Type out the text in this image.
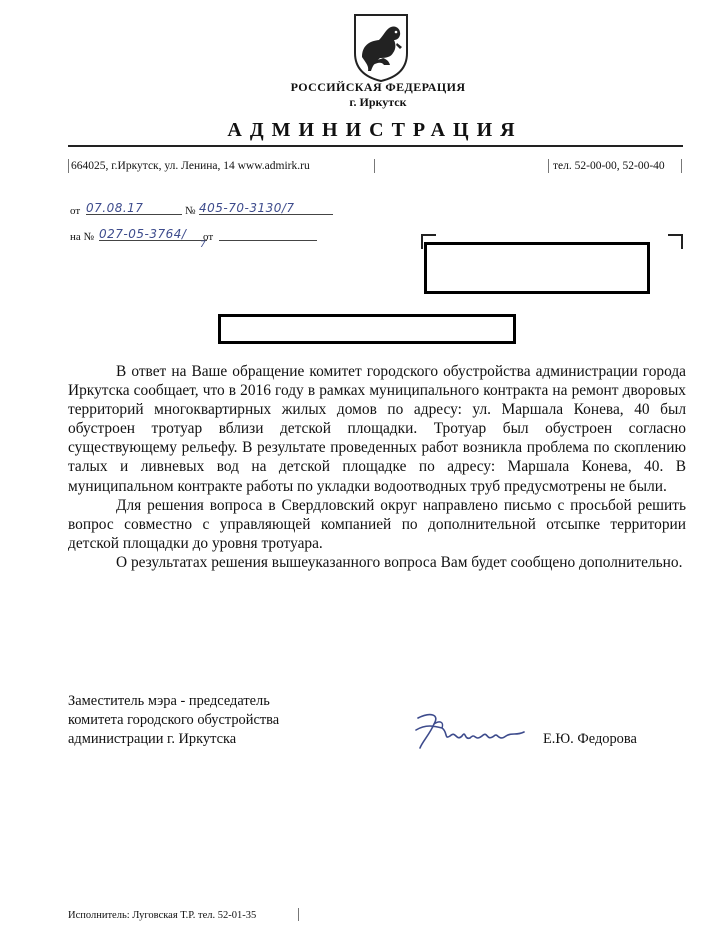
РОССИЙСКАЯ ФЕДЕРАЦИЯ
г. Иркутск
АДМИНИСТРАЦИЯ
664025, г.Иркутск, ул. Ленина, 14 www.admirk.ru	тел. 52-00-00, 52-00-40
от 07.08.17	№ 405-70-3130/7
на № 027-05-3764/
7
от

В ответ на Ваше обращение комитет городского обустройства администрации города Иркутска сообщает, что в 2016 году в рамках муниципального контракта на ремонт дворовых территорий многоквартирных жилых домов по адресу: ул. Маршала Конева, 40 был обустроен тротуар вблизи детской площадки. Тротуар был обустроен согласно существующему рельефу. В результате проведенных работ возникла проблема по скоплению талых и ливневых вод на детской площадке по адресу: Маршала Конева, 40. В муниципальном контракте работы по укладки водоотводных труб предусмотрены не были.

Для решения вопроса в Свердловский округ направлено письмо с просьбой решить вопрос совместно с управляющей компанией по дополнительной отсыпке территории детской площадки до уровня тротуара.

О результатах решения вышеуказанного вопроса Вам будет сообщено дополнительно.

Заместитель мэра - председатель
комитета городского обустройства
администрации г. Иркутска	Е.Ю. Федорова
Исполнитель: Луговская Т.Р. тел. 52-01-35
